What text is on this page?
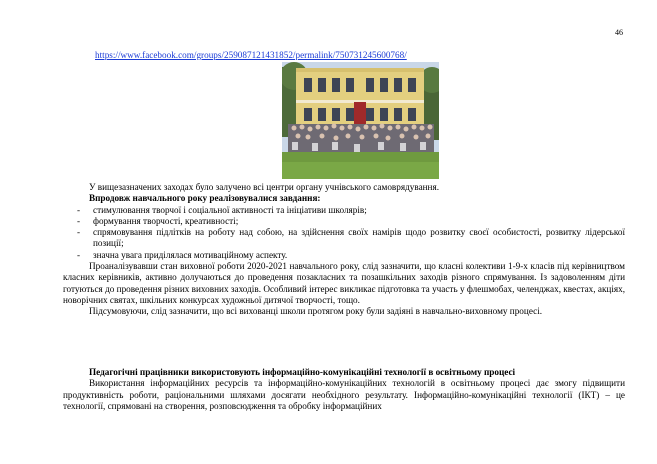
46
https://www.facebook.com/groups/259087121431852/permalink/750731245600768/

У вищезазначених заходах було залучено всі центри органу учнівського самоврядування.

Впродовж навчального року реалізовувалися завдання:

- стимулювання творчої і соціальної активності та ініціативи школярів;
- формування творчості, креативності;
- спрямовування підлітків на роботу над собою, на здійснення своїх намірів щодо розвитку своєї особистості, розвитку лідерської позиції;
- значна увага приділялася мотиваційному аспекту.

Проаналізувавши стан виховної роботи 2020-2021 навчального року, слід зазначити, що класні колективи 1-9-х класів під керівництвом класних керівників, активно долучаються до проведення позакласних та позашкільних заходів різного спрямування. Із задоволенням діти готуються до проведення різних виховних заходів. Особливий інтерес викликає підготовка та участь у флешмобах, челенджах, квестах, акціях, новорічних святах, шкільних конкурсах художньої дитячої творчості, тощо.

Підсумовуючи, слід зазначити, що всі вихованці школи протягом року були задіяні в навчально-виховному процесі.

Педагогічні працівники використовують інформаційно-комунікаційні технології в освітньому процесі

Використання інформаційних ресурсів та інформаційно-комунікаційних технологій в освітньому процесі дає змогу підвищити продуктивність роботи, раціональними шляхами досягати необхідного результату. Інформаційно-комунікаційні технології (ІКТ) – це технології, спрямовані на створення, розповсюдження та обробку інформаційних
